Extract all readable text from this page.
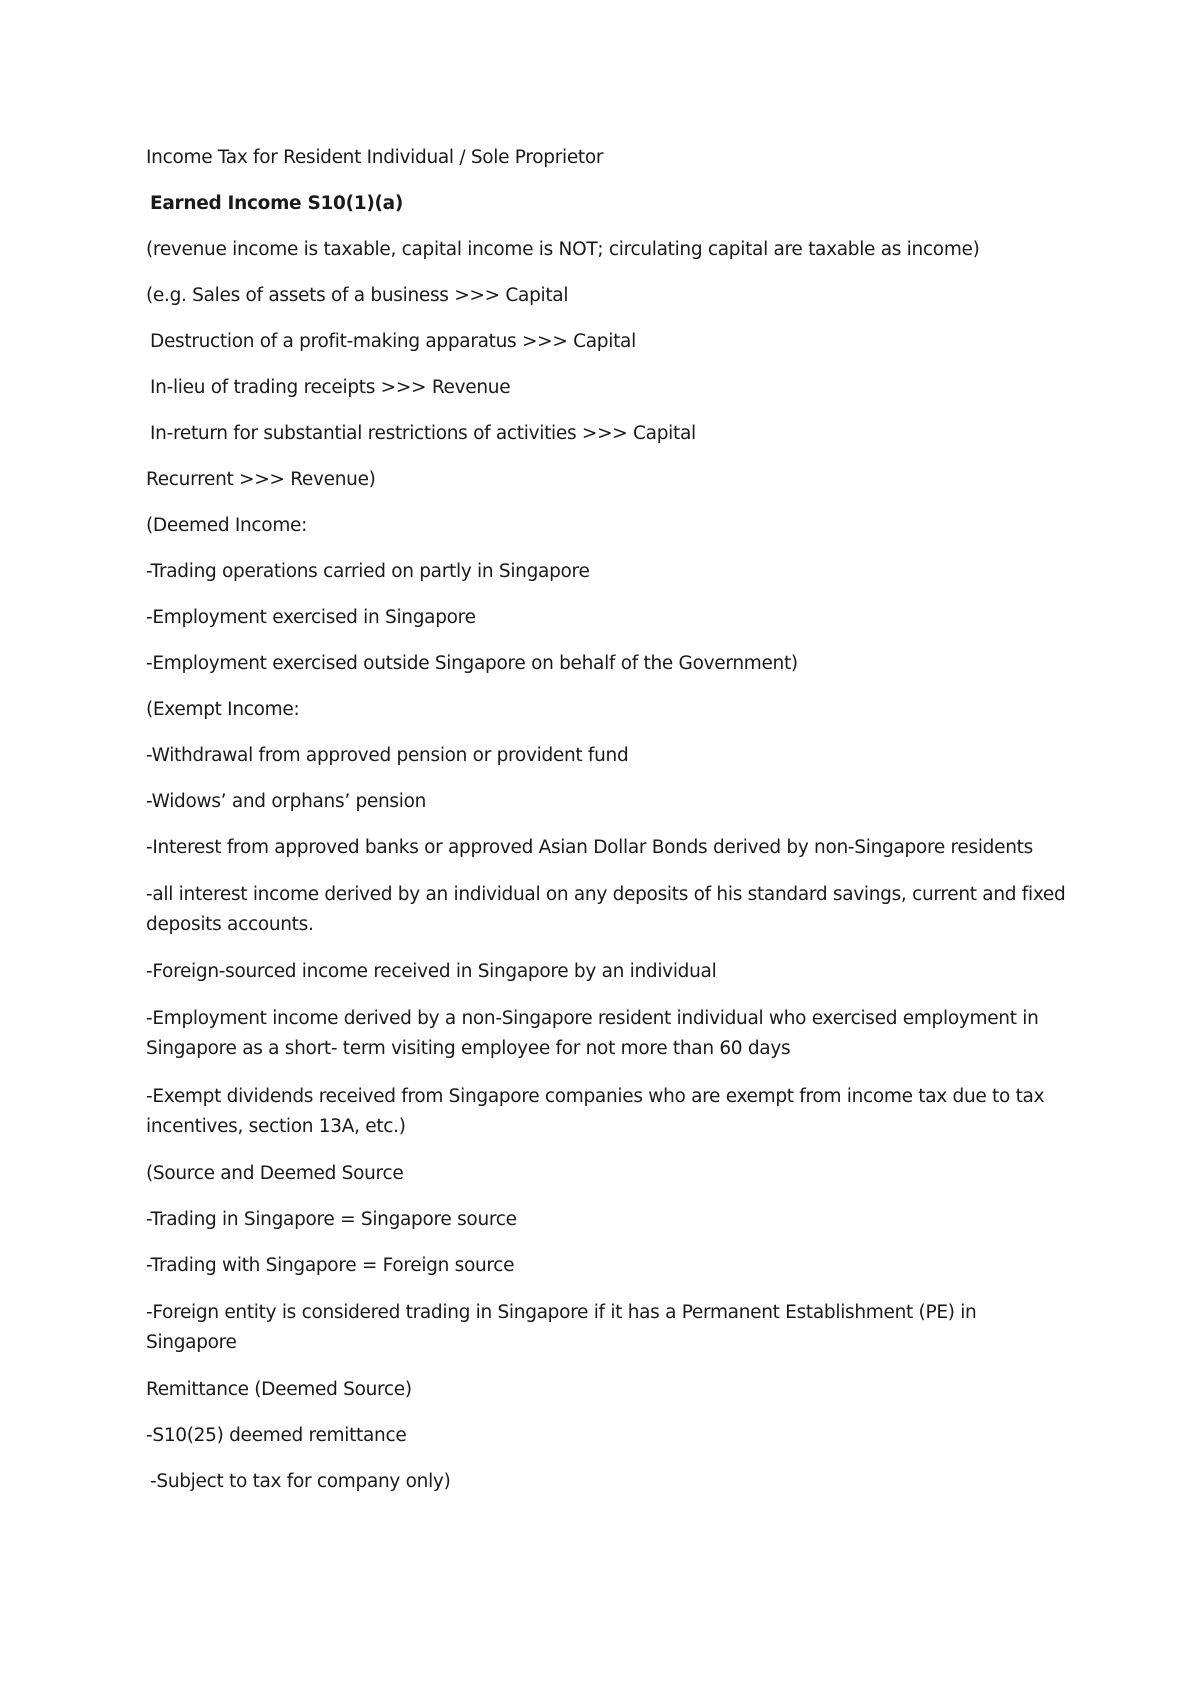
Income Tax for Resident Individual / Sole Proprietor
Earned Income S10(1)(a)
(revenue income is taxable, capital income is NOT; circulating capital are taxable as income)
(e.g. Sales of assets of a business >>> Capital
Destruction of a profit-making apparatus >>> Capital
In-lieu of trading receipts >>> Revenue
In-return for substantial restrictions of activities >>> Capital
Recurrent >>> Revenue)
(Deemed Income:
-Trading operations carried on partly in Singapore
-Employment exercised in Singapore
-Employment exercised outside Singapore on behalf of the Government)
(Exempt Income:
-Withdrawal from approved pension or provident fund
-Widows’ and orphans’ pension
-Interest from approved banks or approved Asian Dollar Bonds derived by non-Singapore residents
-all interest income derived by an individual on any deposits of his standard savings, current and fixed deposits accounts.
-Foreign-sourced income received in Singapore by an individual
-Employment income derived by a non-Singapore resident individual who exercised employment in Singapore as a short- term visiting employee for not more than 60 days
-Exempt dividends received from Singapore companies who are exempt from income tax due to tax incentives, section 13A, etc.)
(Source and Deemed Source
-Trading in Singapore = Singapore source
-Trading with Singapore = Foreign source
-Foreign entity is considered trading in Singapore if it has a Permanent Establishment (PE) in Singapore
Remittance (Deemed Source)
-S10(25) deemed remittance
-Subject to tax for company only)
